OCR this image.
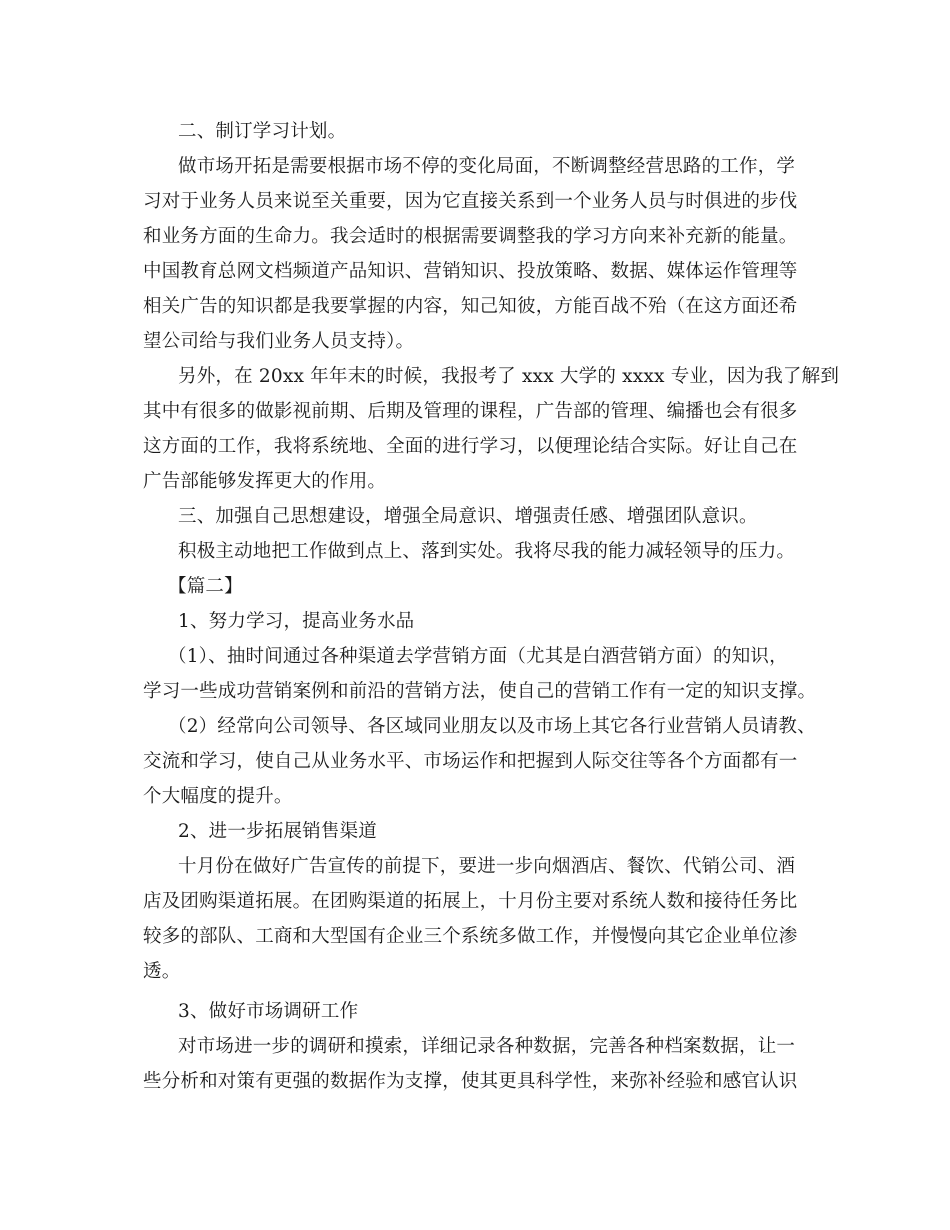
二、制订学习计划。
做市场开拓是需要根据市场不停的变化局面，不断调整经营思路的工作，学
习对于业务人员来说至关重要，因为它直接关系到一个业务人员与时俱进的步伐
和业务方面的生命力。我会适时的根据需要调整我的学习方向来补充新的能量。
中国教育总网文档频道产品知识、营销知识、投放策略、数据、媒体运作管理等
相关广告的知识都是我要掌握的内容，知己知彼，方能百战不殆（在这方面还希
望公司给与我们业务人员支持）。
另外，在 20xx 年年末的时候，我报考了 xxx 大学的 xxxx 专业，因为我了解到
其中有很多的做影视前期、后期及管理的课程，广告部的管理、编播也会有很多
这方面的工作，我将系统地、全面的进行学习，以便理论结合实际。好让自己在
广告部能够发挥更大的作用。
三、加强自己思想建设，增强全局意识、增强责任感、增强团队意识。
积极主动地把工作做到点上、落到实处。我将尽我的能力减轻领导的压力。
【篇二】
1、努力学习，提高业务水品
（1）、抽时间通过各种渠道去学营销方面（尤其是白酒营销方面）的知识，
学习一些成功营销案例和前沿的营销方法，使自己的营销工作有一定的知识支撑。
（2）经常向公司领导、各区域同业朋友以及市场上其它各行业营销人员请教、
交流和学习，使自己从业务水平、市场运作和把握到人际交往等各个方面都有一
个大幅度的提升。
2、进一步拓展销售渠道
十月份在做好广告宣传的前提下，要进一步向烟酒店、餐饮、代销公司、酒
店及团购渠道拓展。在团购渠道的拓展上，十月份主要对系统人数和接待任务比
较多的部队、工商和大型国有企业三个系统多做工作，并慢慢向其它企业单位渗
透。
3、做好市场调研工作
对市场进一步的调研和摸索，详细记录各种数据，完善各种档案数据，让一
些分析和对策有更强的数据作为支撑，使其更具科学性，来弥补经验和感官认识
